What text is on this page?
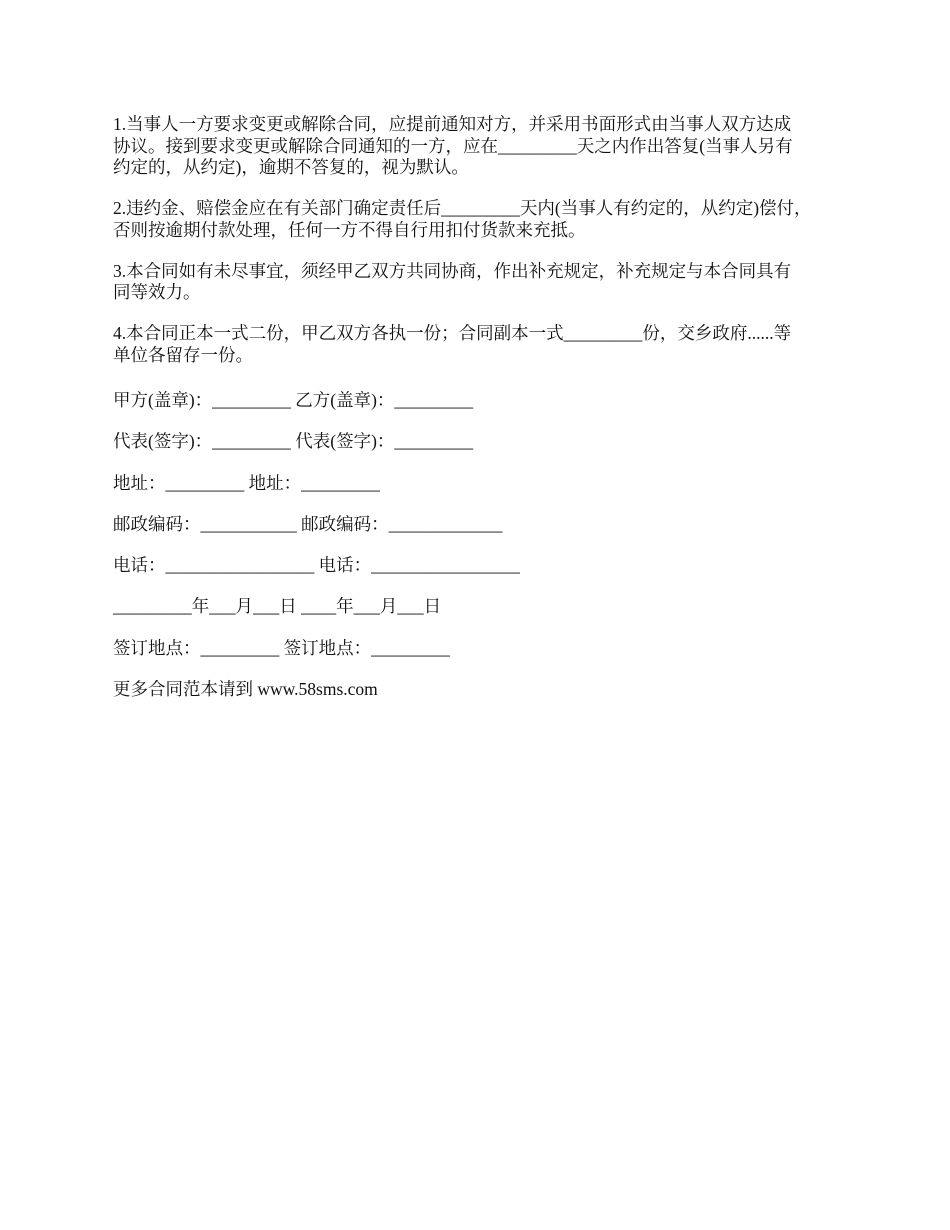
1.当事人一方要求变更或解除合同，应提前通知对方，并采用书面形式由当事人双方达成
协议。接到要求变更或解除合同通知的一方，应在_________天之内作出答复(当事人另有
约定的，从约定)，逾期不答复的，视为默认。
2.违约金、赔偿金应在有关部门确定责任后_________天内(当事人有约定的，从约定)偿付，
否则按逾期付款处理，任何一方不得自行用扣付货款来充抵。
3.本合同如有未尽事宜，须经甲乙双方共同协商，作出补充规定，补充规定与本合同具有
同等效力。
4.本合同正本一式二份，甲乙双方各执一份；合同副本一式_________份，交乡政府......等
单位各留存一份。
甲方(盖章)：_________ 乙方(盖章)：_________
代表(签字)：_________ 代表(签字)：_________
地址：_________ 地址：_________
邮政编码：___________ 邮政编码：_____________
电话：_________________ 电话：_________________
_________年___月___日 ____年___月___日
签订地点：_________ 签订地点：_________
更多合同范本请到 www.58sms.com
